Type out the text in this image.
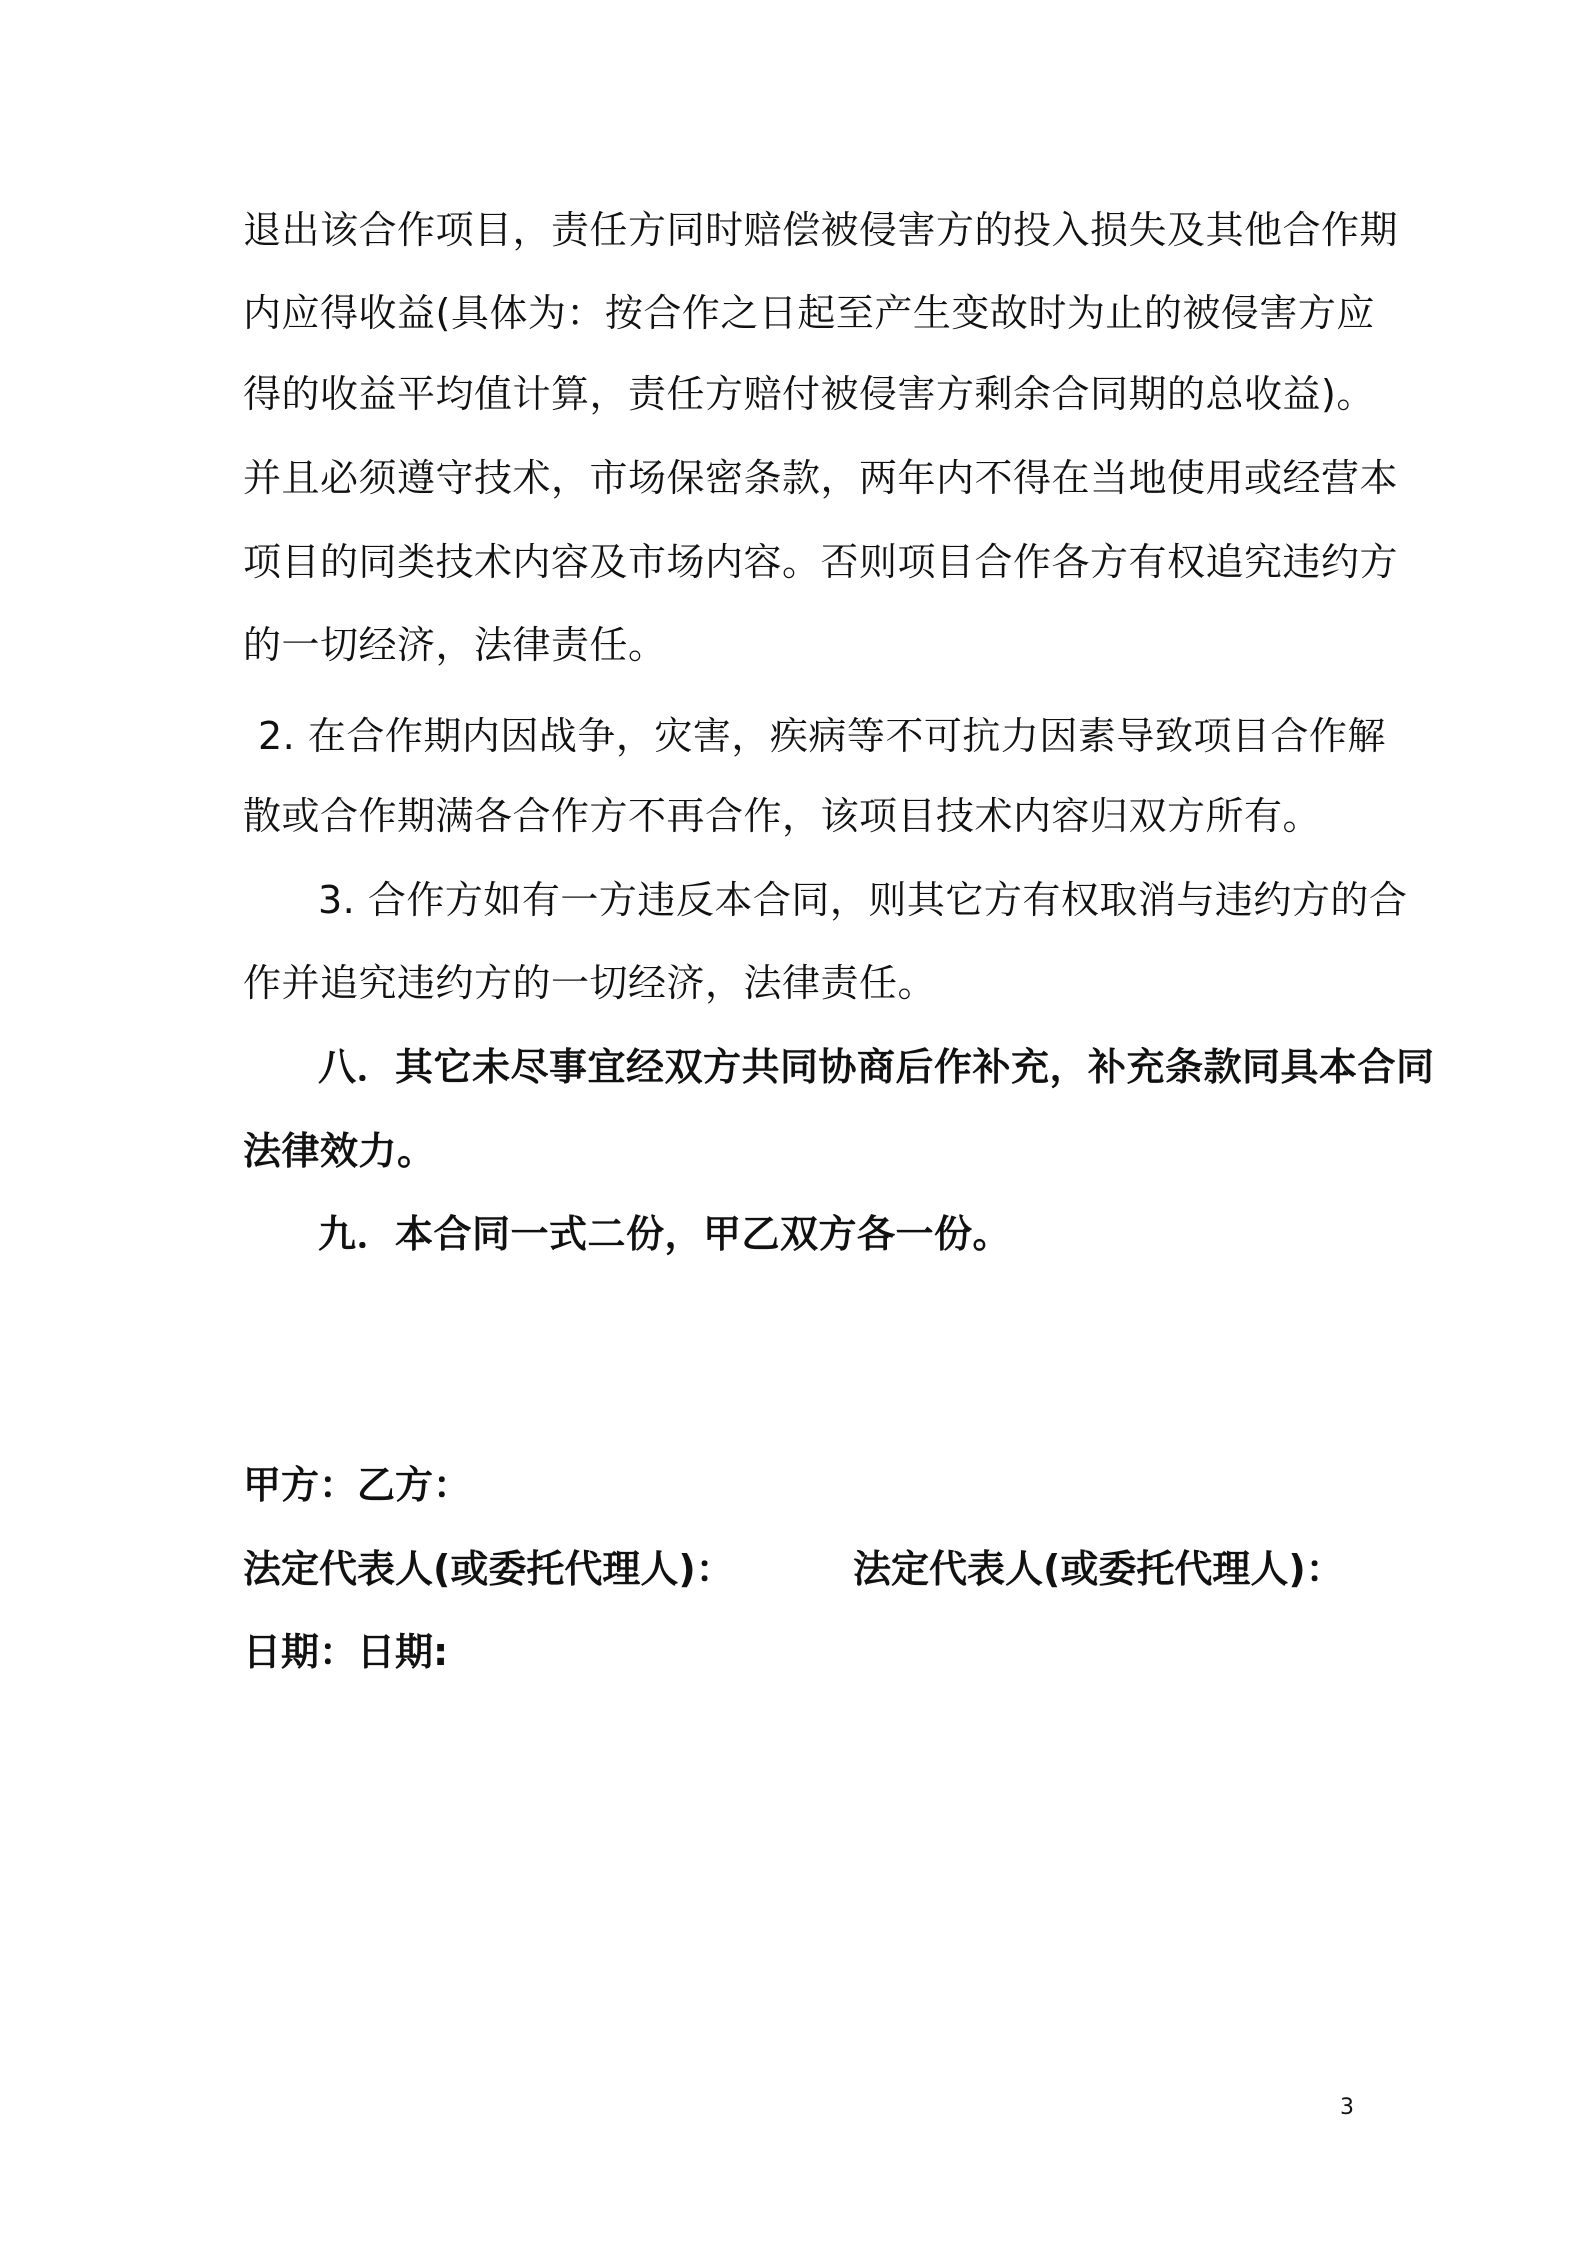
退出该合作项目，责任方同时赔偿被侵害方的投入损失及其他合作期
内应得收益(具体为：按合作之日起至产生变故时为止的被侵害方应
得的收益平均值计算，责任方赔付被侵害方剩余合同期的总收益)。
并且必须遵守技术，市场保密条款，两年内不得在当地使用或经营本
项目的同类技术内容及市场内容。否则项目合作各方有权追究违约方
的一切经济，法律责任。
2. 在合作期内因战争，灾害，疾病等不可抗力因素导致项目合作解
散或合作期满各合作方不再合作，该项目技术内容归双方所有。
3. 合作方如有一方违反本合同，则其它方有权取消与违约方的合
作并追究违约方的一切经济，法律责任。
八．其它未尽事宜经双方共同协商后作补充，补充条款同具本合同
法律效力。
九．本合同一式二份，甲乙双方各一份。
甲方：乙方：
法定代表人(或委托代理人)：	法定代表人(或委托代理人)：
日期：日期:
3
